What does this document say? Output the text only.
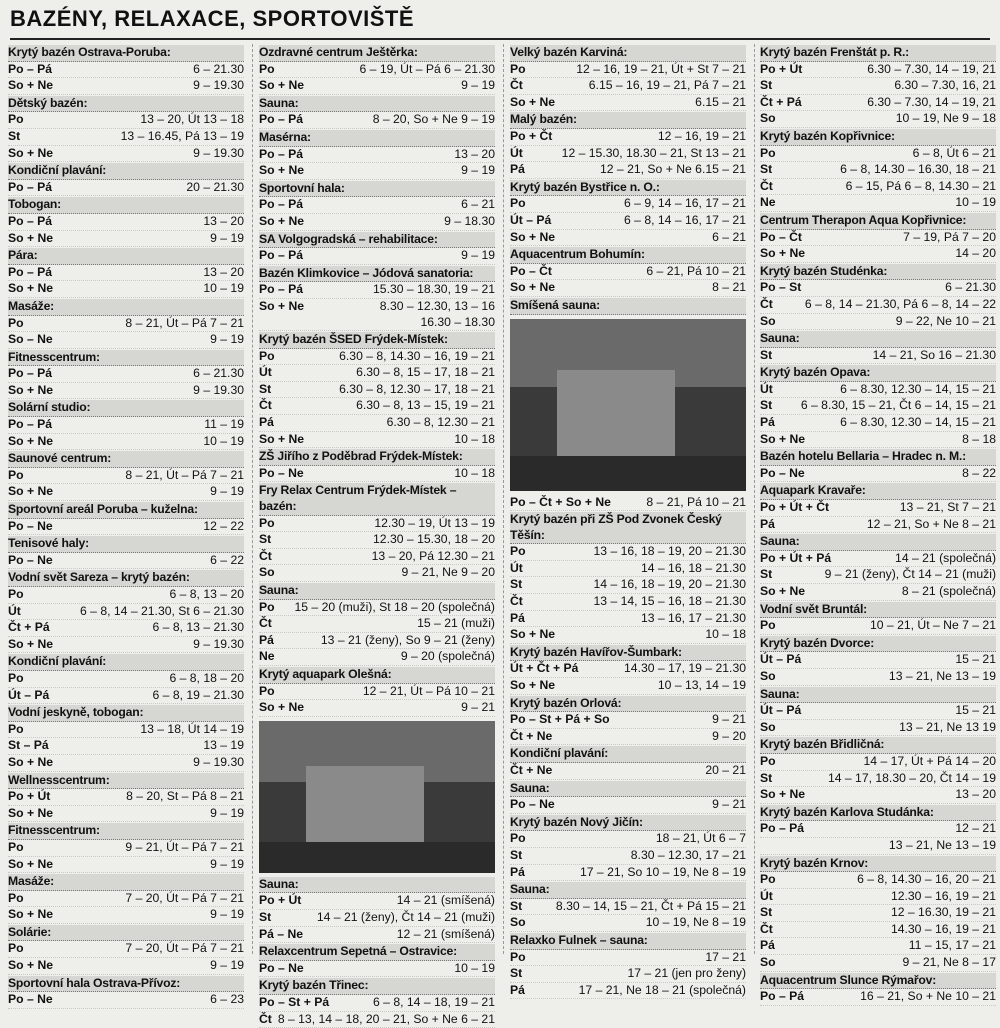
BAZÉNY, RELAXACE, SPORTOVIŠTĚ
Krytý bazén Ostrava-Poruba:
Po – Pá	6 – 21.30
So + Ne	9 – 19.30
Dětský bazén:
Po	13 – 20, Út 13 – 18
St	13 – 16.45, Pá 13 – 19
So + Ne	9 – 19.30
Kondiční plavání:
Po – Pá	20 – 21.30
Tobogan:
Po – Pá	13 – 20
So + Ne	9 – 19
Pára:
Po – Pá	13 – 20
So + Ne	10 – 19
Masáže:
Po	8 – 21, Út – Pá 7 – 21
So – Ne	9 – 19
Fitnesscentrum:
Po – Pá	6 – 21.30
So + Ne	9 – 19.30
Solární studio:
Po – Pá	11 – 19
So + Ne	10 – 19
Saunové centrum:
Po	8 – 21, Út – Pá 7 – 21
So + Ne	9 – 19
Sportovní areál Poruba – kuželna:
Po – Ne	12 – 22
Tenisové haly:
Po – Ne	6 – 22
Vodní svět Sareza – krytý bazén:
Po	6 – 8, 13 – 20
Út	6 – 8, 14 – 21.30, St 6 – 21.30
Čt + Pá	6 – 8, 13 – 21.30
So + Ne	9 – 19.30
Kondiční plavání:
Po	6 – 8, 18 – 20
Út – Pá	6 – 8, 19 – 21.30
Vodní jeskyně, tobogan:
Po	13 – 18, Út 14 – 19
St – Pá	13 – 19
So + Ne	9 – 19.30
Wellnesscentrum:
Po + Út	8 – 20, St – Pá 8 – 21
So + Ne	9 – 19
Fitnesscentrum:
Po	9 – 21, Út – Pá 7 – 21
So + Ne	9 – 19
Masáže:
Po	7 – 20, Út – Pá 7 – 21
So + Ne	9 – 19
Solárie:
Po	7 – 20, Út – Pá 7 – 21
So + Ne	9 – 19
Sportovní hala Ostrava-Přívoz:
Po – Ne	6 – 23
Ozdravné centrum Ještěrka:
Po	6 – 19, Út – Pá 6 – 21.30
So + Ne	9 – 19
Sauna:
Po – Pá	8 – 20, So + Ne 9 – 19
Masérna:
Po – Pá	13 – 20
So + Ne	9 – 19
Sportovní hala:
Po – Pá	6 – 21
So + Ne	9 – 18.30
SA Volgogradská – rehabilitace:
Po – Pá	9 – 19
Bazén Klimkovice – Jódová sanatoria:
Po – Pá	15.30 – 18.30, 19 – 21
So + Ne	8.30 – 12.30, 13 – 16
16.30 – 18.30
Krytý bazén ŠSED Frýdek-Místek:
Po	6.30 – 8, 14.30 – 16, 19 – 21
Út	6.30 – 8, 15 – 17, 18 – 21
St	6.30 – 8, 12.30 – 17, 18 – 21
Čt	6.30 – 8, 13 – 15, 19 – 21
Pá	6.30 – 8, 12.30 – 21
So + Ne	10 – 18
ZŠ Jiřího z Poděbrad Frýdek-Místek:
Po – Ne	10 – 18
Fry Relax Centrum Frýdek-Místek – bazén:
Po	12.30 – 19, Út 13 – 19
St	12.30 – 15.30, 18 – 20
Čt	13 – 20, Pá 12.30 – 21
So	9 – 21, Ne 9 – 20
Sauna:
Po	15 – 20 (muži), St 18 – 20 (společná)
Čt	15 – 21 (muži)
Pá	13 – 21 (ženy), So 9 – 21 (ženy)
Ne	9 – 20 (společná)
Krytý aquapark Olešná:
Po	12 – 21, Út – Pá 10 – 21
So + Ne	9 – 21
Sauna:
Po + Út	14 – 21 (smíšená)
St	14 – 21 (ženy), Čt 14 – 21 (muži)
Pá – Ne	12 – 21 (smíšená)
Relaxcentrum Sepetná – Ostravice:
Po – Ne	10 – 19
Krytý bazén Třinec:
Po – St + Pá	6 – 8, 14 – 18, 19 – 21
Čt 8 – 13, 14 – 18, 20 – 21, So + Ne 6 – 21
Velký bazén Karviná:
Po	12 – 16, 19 – 21, Út + St 7 – 21
Čt	6.15 – 16, 19 – 21, Pá 7 – 21
So + Ne	6.15 – 21
Malý bazén:
Po + Čt	12 – 16, 19 – 21
Út	12 – 15.30, 18.30 – 21, St 13 – 21
Pá	12 – 21, So + Ne 6.15 – 21
Krytý bazén Bystřice n. O.:
Po	6 – 9, 14 – 16, 17 – 21
Út – Pá	6 – 8, 14 – 16, 17 – 21
So + Ne	6 – 21
Aquacentrum Bohumín:
Po – Čt	6 – 21, Pá 10 – 21
So + Ne	8 – 21
Smíšená sauna:
Po – Čt + So + Ne	8 – 21, Pá 10 – 21
Krytý bazén při ZŠ Pod Zvonek Český Těšín:
Po	13 – 16, 18 – 19, 20 – 21.30
Út	14 – 16, 18 – 21.30
St	14 – 16, 18 – 19, 20 – 21.30
Čt	13 – 14, 15 – 16, 18 – 21.30
Pá	13 – 16, 17 – 21.30
So + Ne	10 – 18
Krytý bazén Havířov-Šumbark:
Út + Čt + Pá	14.30 – 17, 19 – 21.30
So + Ne	10 – 13, 14 – 19
Krytý bazén Orlová:
Po – St + Pá + So	9 – 21
Čt + Ne	9 – 20
Kondiční plavání:
Čt + Ne	20 – 21
Sauna:
Po – Ne	9 – 21
Krytý bazén Nový Jičín:
Po	18 – 21, Út 6 – 7
St	8.30 – 12.30, 17 – 21
Pá	17 – 21, So 10 – 19, Ne 8 – 19
Sauna:
St	8.30 – 14, 15 – 21, Čt + Pá 15 – 21
So	10 – 19, Ne 8 – 19
Relaxko Fulnek – sauna:
Po	17 – 21
St	17 – 21 (jen pro ženy)
Pá	17 – 21, Ne 18 – 21 (společná)
Krytý bazén Frenštát p. R.:
Po + Út	6.30 – 7.30, 14 – 19, 21
St	6.30 – 7.30, 16, 21
Čt + Pá	6.30 – 7.30, 14 – 19, 21
So	10 – 19, Ne 9 – 18
Krytý bazén Kopřivnice:
Po	6 – 8, Út 6 – 21
St	6 – 8, 14.30 – 16.30, 18 – 21
Čt	6 – 15, Pá 6 – 8, 14.30 – 21
Ne	10 – 19
Centrum Therapon Aqua Kopřivnice:
Po – Čt	7 – 19, Pá 7 – 20
So + Ne	14 – 20
Krytý bazén Studénka:
Po – St	6 – 21.30
Čt	6 – 8, 14 – 21.30, Pá 6 – 8, 14 – 22
So	9 – 22, Ne 10 – 21
Sauna:
St	14 – 21, So 16 – 21.30
Krytý bazén Opava:
Út	6 – 8.30, 12.30 – 14, 15 – 21
St	6 – 8.30, 15 – 21, Čt 6 – 14, 15 – 21
Pá	6 – 8.30, 12.30 – 14, 15 – 21
So + Ne	8 – 18
Bazén hotelu Bellaria – Hradec n. M.:
Po – Ne	8 – 22
Aquapark Kravaře:
Po + Út + Čt	13 – 21, St 7 – 21
Pá	12 – 21, So + Ne 8 – 21
Sauna:
Po + Út + Pá	14 – 21 (společná)
St	9 – 21 (ženy), Čt 14 – 21 (muži)
So + Ne	8 – 21 (společná)
Vodní svět Bruntál:
Po	10 – 21, Út – Ne 7 – 21
Krytý bazén Dvorce:
Út – Pá	15 – 21
So	13 – 21, Ne 13 – 19
Sauna:
Út – Pá	15 – 21
So	13 – 21, Ne 13 19
Krytý bazén Břidličná:
Po	14 – 17, Út + Pá 14 – 20
St	14 – 17, 18.30 – 20, Čt 14 – 19
So + Ne	13 – 20
Krytý bazén Karlova Studánka:
Po – Pá	12 – 21
13 – 21, Ne 13 – 19
Krytý bazén Krnov:
Po	6 – 8, 14.30 – 16, 20 – 21
Út	12.30 – 16, 19 – 21
St	12 – 16.30, 19 – 21
Čt	14.30 – 16, 19 – 21
Pá	11 – 15, 17 – 21
So	9 – 21, Ne 8 – 17
Aquacentrum Slunce Rýmařov:
Po – Pá	16 – 21, So + Ne 10 – 21
